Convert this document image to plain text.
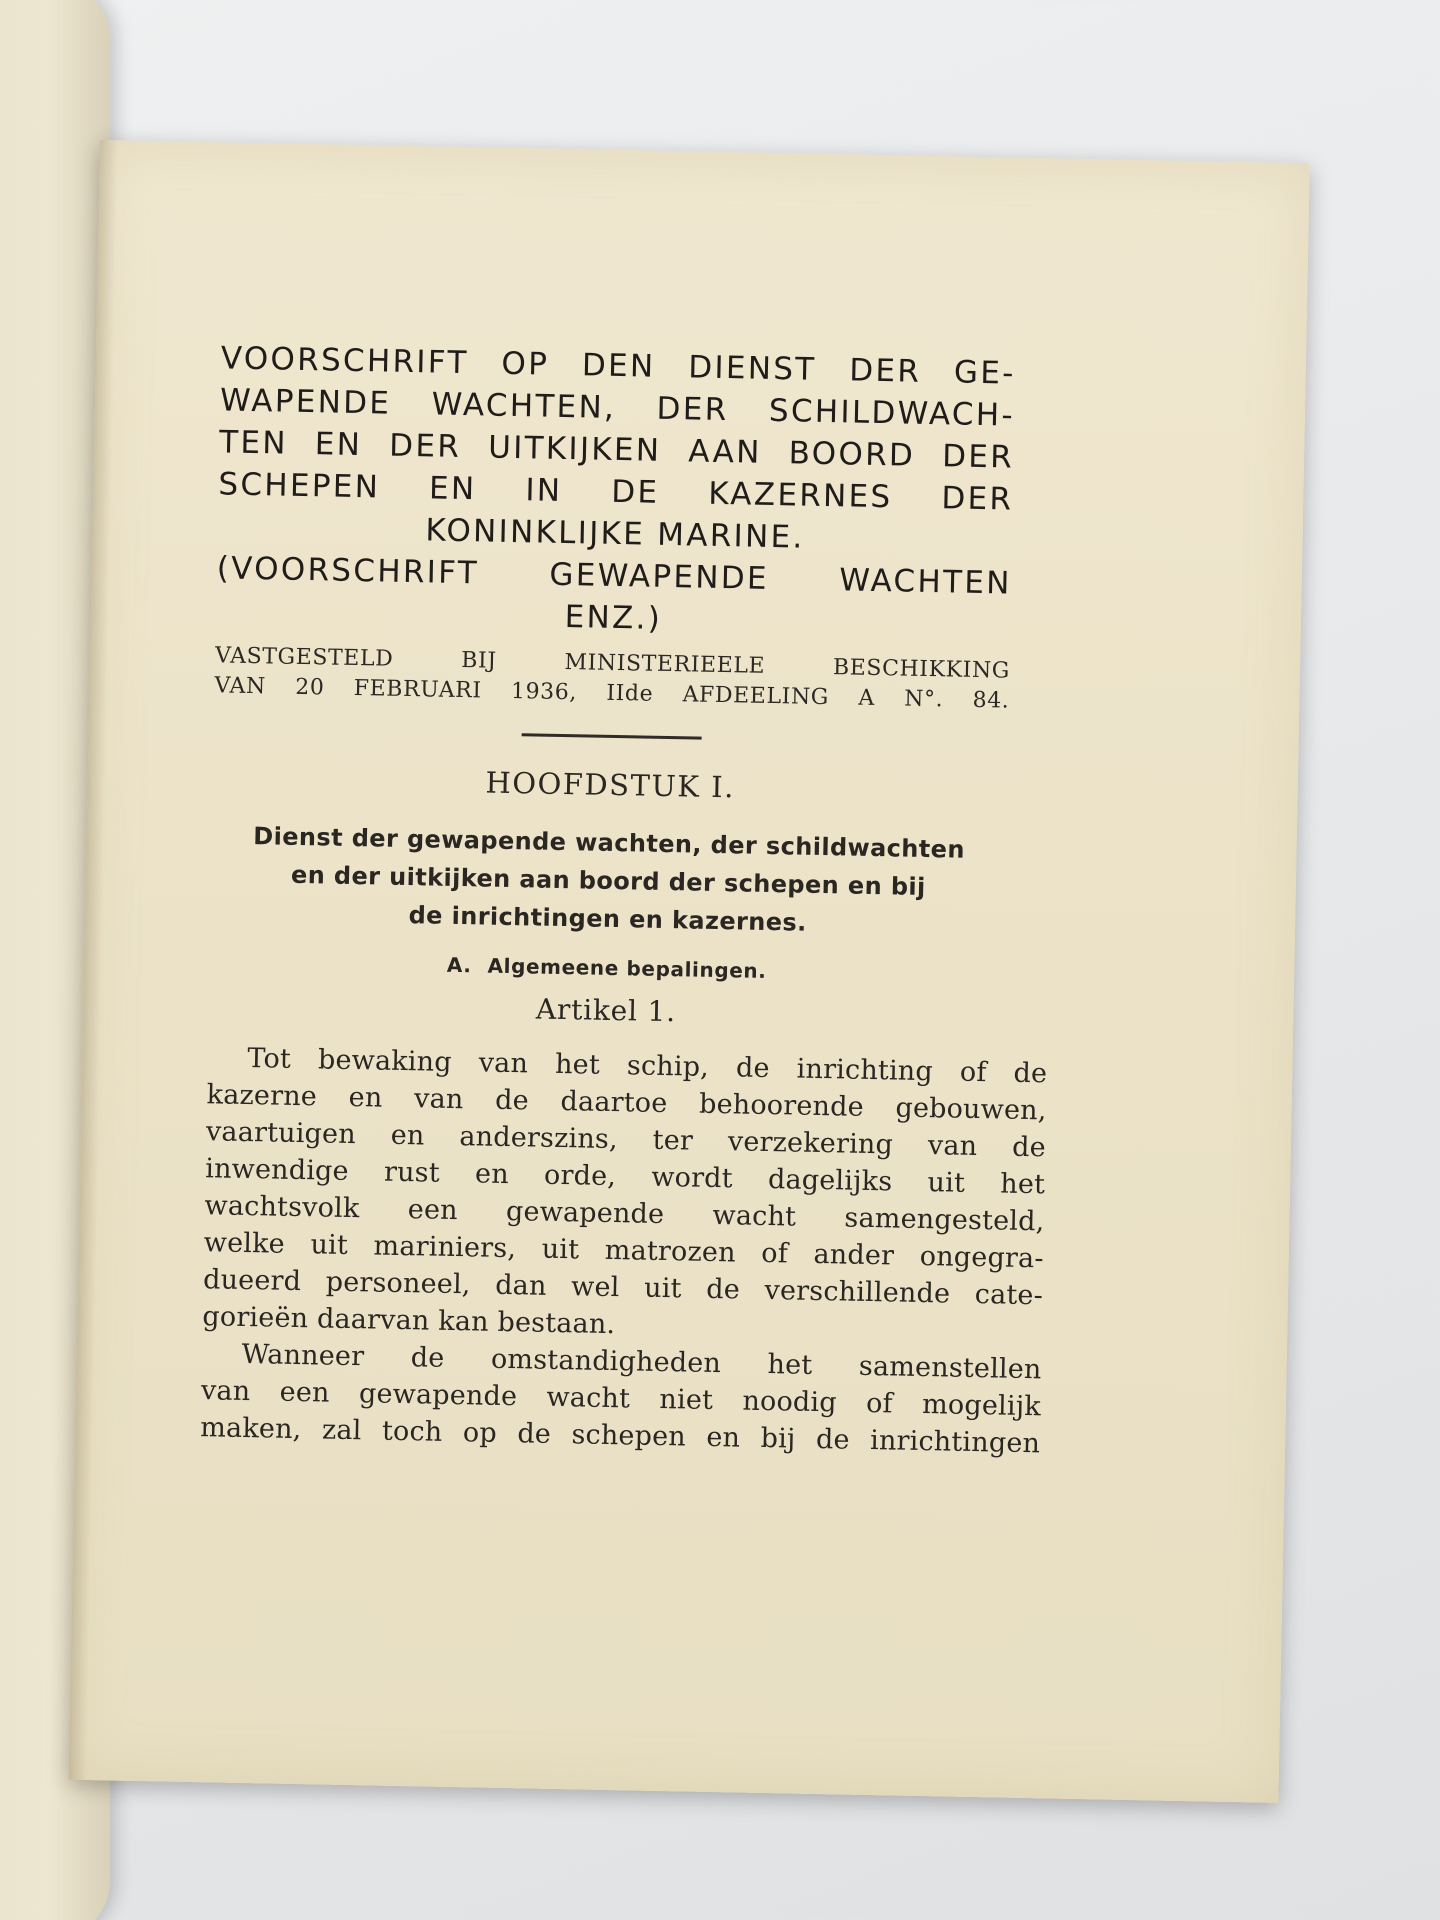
VOORSCHRIFT OP DEN DIENST DER GE-
WAPENDE WACHTEN, DER SCHILDWACH-
TEN EN DER UITKIJKEN AAN BOORD DER
SCHEPEN EN IN DE KAZERNES DER
KONINKLIJKE MARINE.
(VOORSCHRIFT GEWAPENDE WACHTEN
ENZ.)
VASTGESTELD BIJ MINISTERIEELE BESCHIKKING
VAN 20 FEBRUARI 1936, IIde AFDEELING A N°. 84.
HOOFDSTUK I.
Dienst der gewapende wachten, der schildwachten
en der uitkijken aan boord der schepen en bij
de inrichtingen en kazernes.
A. Algemeene bepalingen.
Artikel 1.
Tot bewaking van het schip, de inrichting of de
kazerne en van de daartoe behoorende gebouwen,
vaartuigen en anderszins, ter verzekering van de
inwendige rust en orde, wordt dagelijks uit het
wachtsvolk een gewapende wacht samengesteld,
welke uit mariniers, uit matrozen of ander ongegra-
dueerd personeel, dan wel uit de verschillende cate-
gorieën daarvan kan bestaan.
Wanneer de omstandigheden het samenstellen
van een gewapende wacht niet noodig of mogelijk
maken, zal toch op de schepen en bij de inrichtingen
